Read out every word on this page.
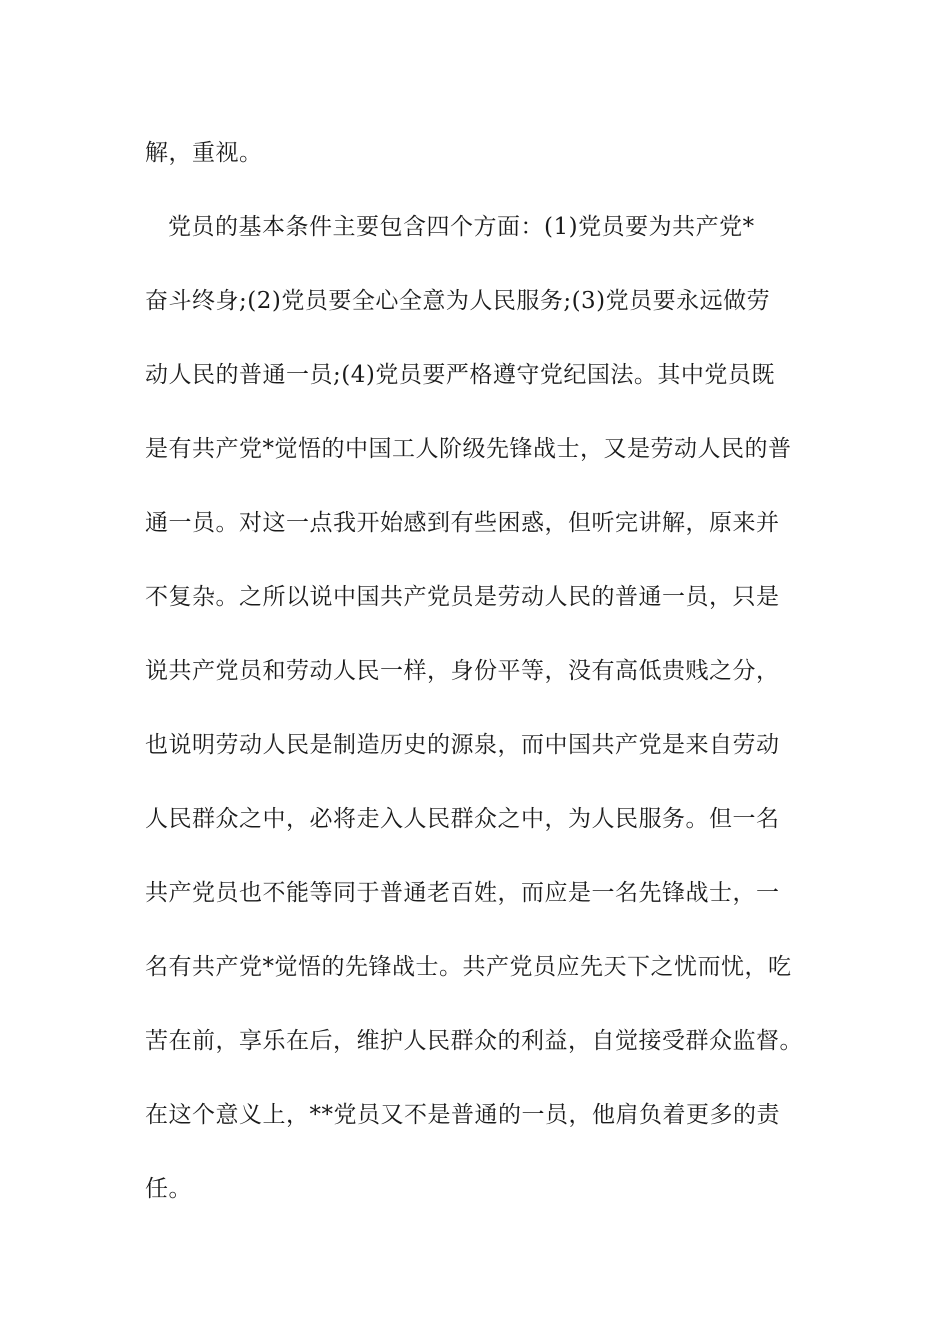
解，重视。
党员的基本条件主要包含四个方面：(1)党员要为共产党*
奋斗终身;(2)党员要全心全意为人民服务;(3)党员要永远做劳
动人民的普通一员;(4)党员要严格遵守党纪国法。其中党员既
是有共产党*觉悟的中国工人阶级先锋战士，又是劳动人民的普
通一员。对这一点我开始感到有些困惑，但听完讲解，原来并
不复杂。之所以说中国共产党员是劳动人民的普通一员，只是
说共产党员和劳动人民一样，身份平等，没有高低贵贱之分，
也说明劳动人民是制造历史的源泉，而中国共产党是来自劳动
人民群众之中，必将走入人民群众之中，为人民服务。但一名
共产党员也不能等同于普通老百姓，而应是一名先锋战士，一
名有共产党*觉悟的先锋战士。共产党员应先天下之忧而忧，吃
苦在前，享乐在后，维护人民群众的利益，自觉接受群众监督。
在这个意义上，**党员又不是普通的一员，他肩负着更多的责
任。
